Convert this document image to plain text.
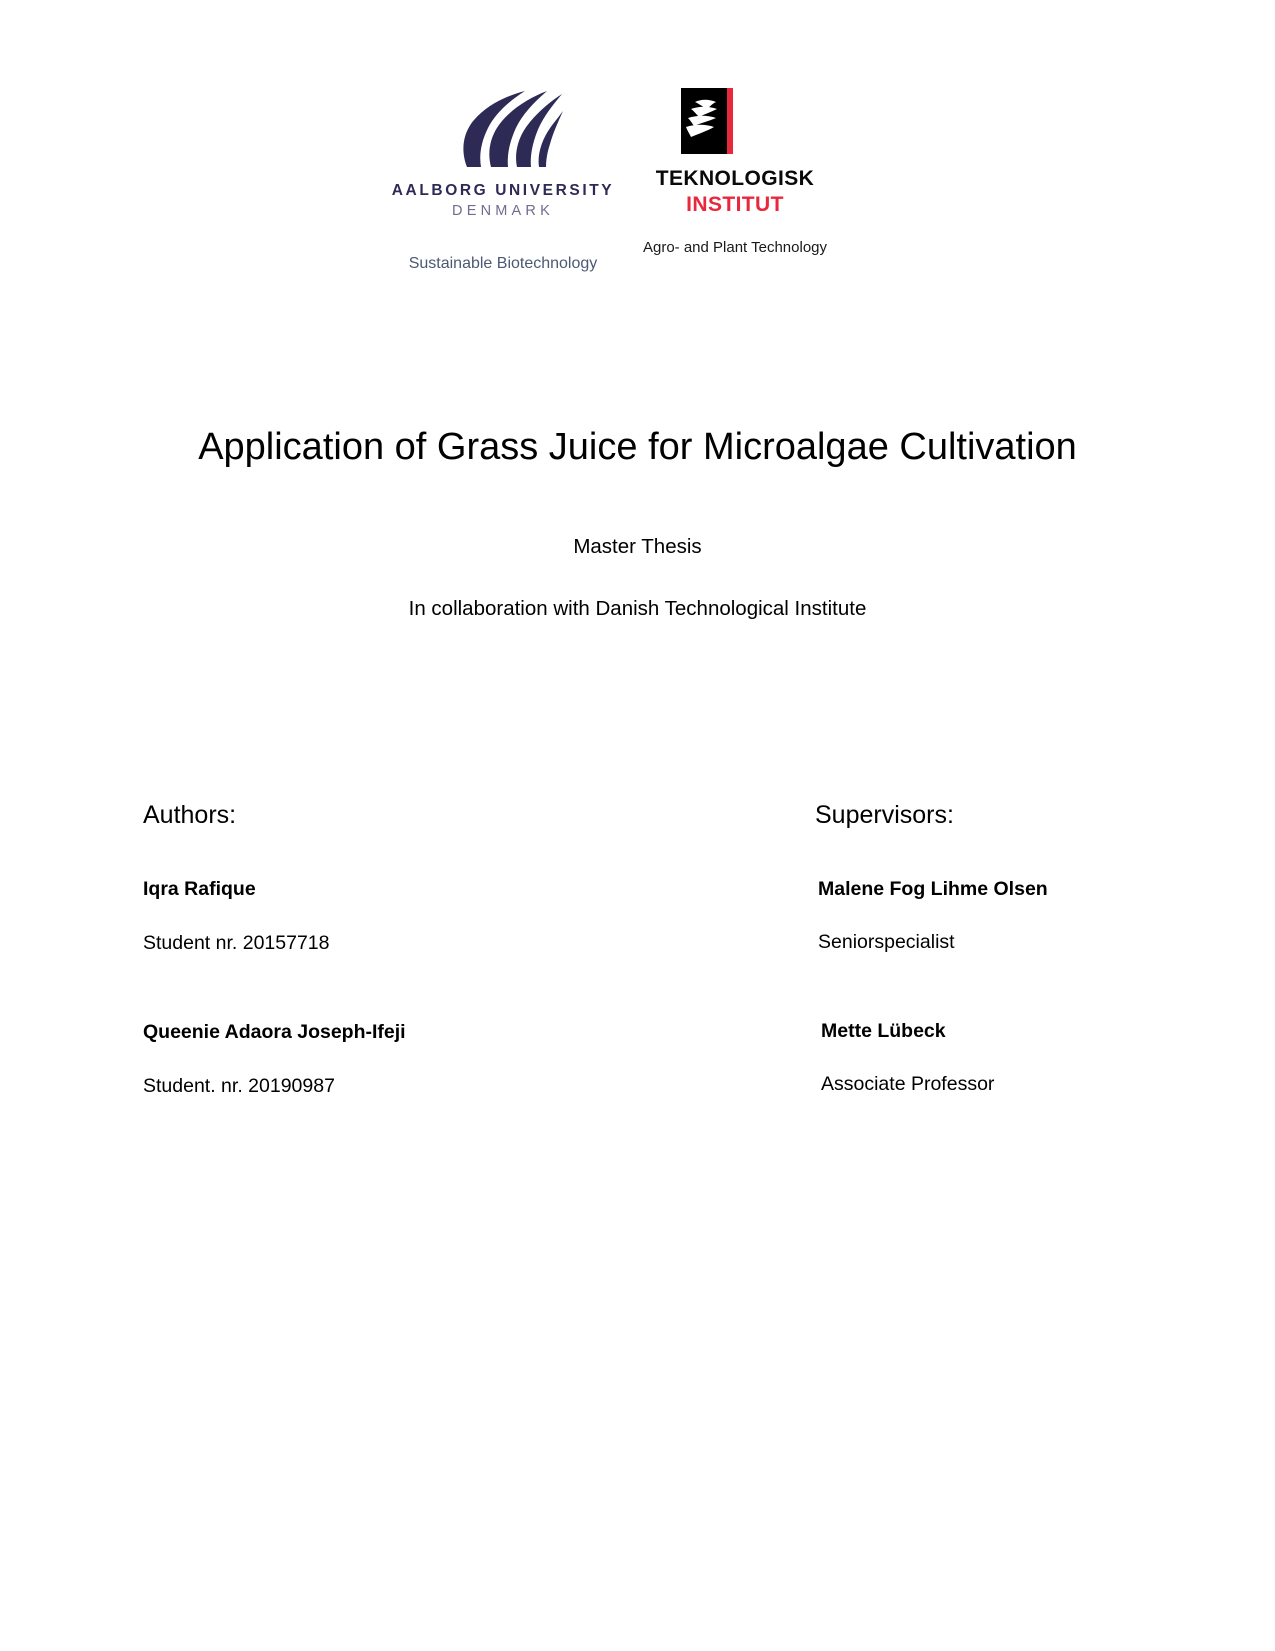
AALBORG UNIVERSITY
DENMARK
Sustainable Biotechnology
TEKNOLOGISK
INSTITUT
Agro- and Plant Technology
Application of Grass Juice for Microalgae Cultivation
Master Thesis
In collaboration with Danish Technological Institute
Authors:
Iqra Rafique
Student nr. 20157718
Queenie Adaora Joseph-Ifeji
Student. nr. 20190987
Supervisors:
Malene Fog Lihme Olsen
Seniorspecialist
Mette Lübeck
Associate Professor
